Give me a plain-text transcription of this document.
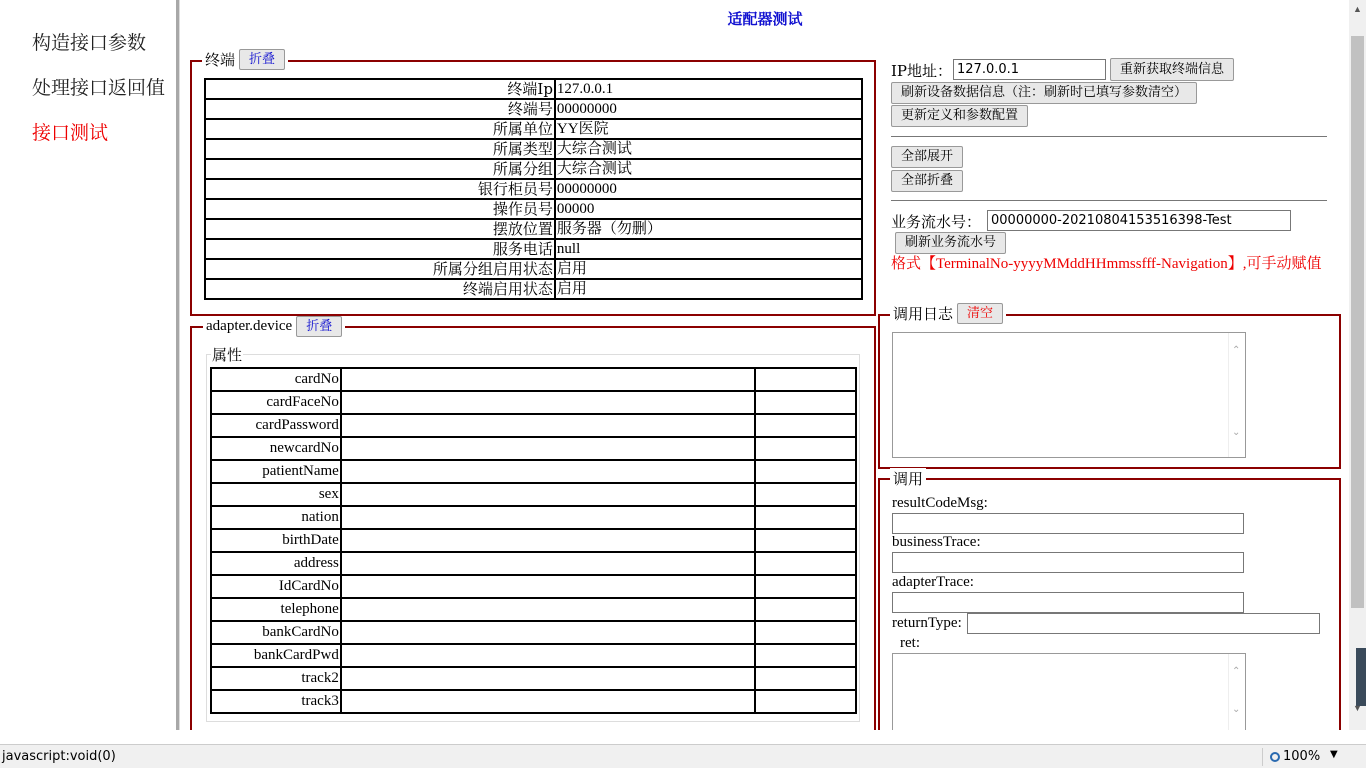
构造接口参数
处理接口返回值
接口测试
适配器测试
终端	折叠
终端Ip	127.0.0.1
终端号	00000000
所属单位	YY医院
所属类型	大综合测试
所属分组	大综合测试
银行柜员号	00000000
操作员号	00000
摆放位置	服务器（勿删）
服务电话	null
所属分组启用状态	启用
终端启用状态	启用
adapter.device	折叠
属性
cardNo		
cardFaceNo		
cardPassword		
newcardNo		
patientName		
sex		
nation		
birthDate		
address		
IdCardNo		
telephone		
bankCardNo		
bankCardPwd		
track2		
track3		
IP地址： 127.0.0.1	重新获取终端信息
刷新设备数据信息（注：刷新时已填写参数清空）
更新定义和参数配置
全部展开
全部折叠
业务流水号： 00000000-20210804153516398-Test
刷新业务流水号
格式【TerminalNo-yyyyMMddHHmmssfff-Navigation】,可手动赋值
调用日志	清空
⌃
⌄
调用
resultCodeMsg:
businessTrace:
adapterTrace:
returnType:
ret:
⌃
⌄
▲
▼
javascript:void(0)	100% ▼
